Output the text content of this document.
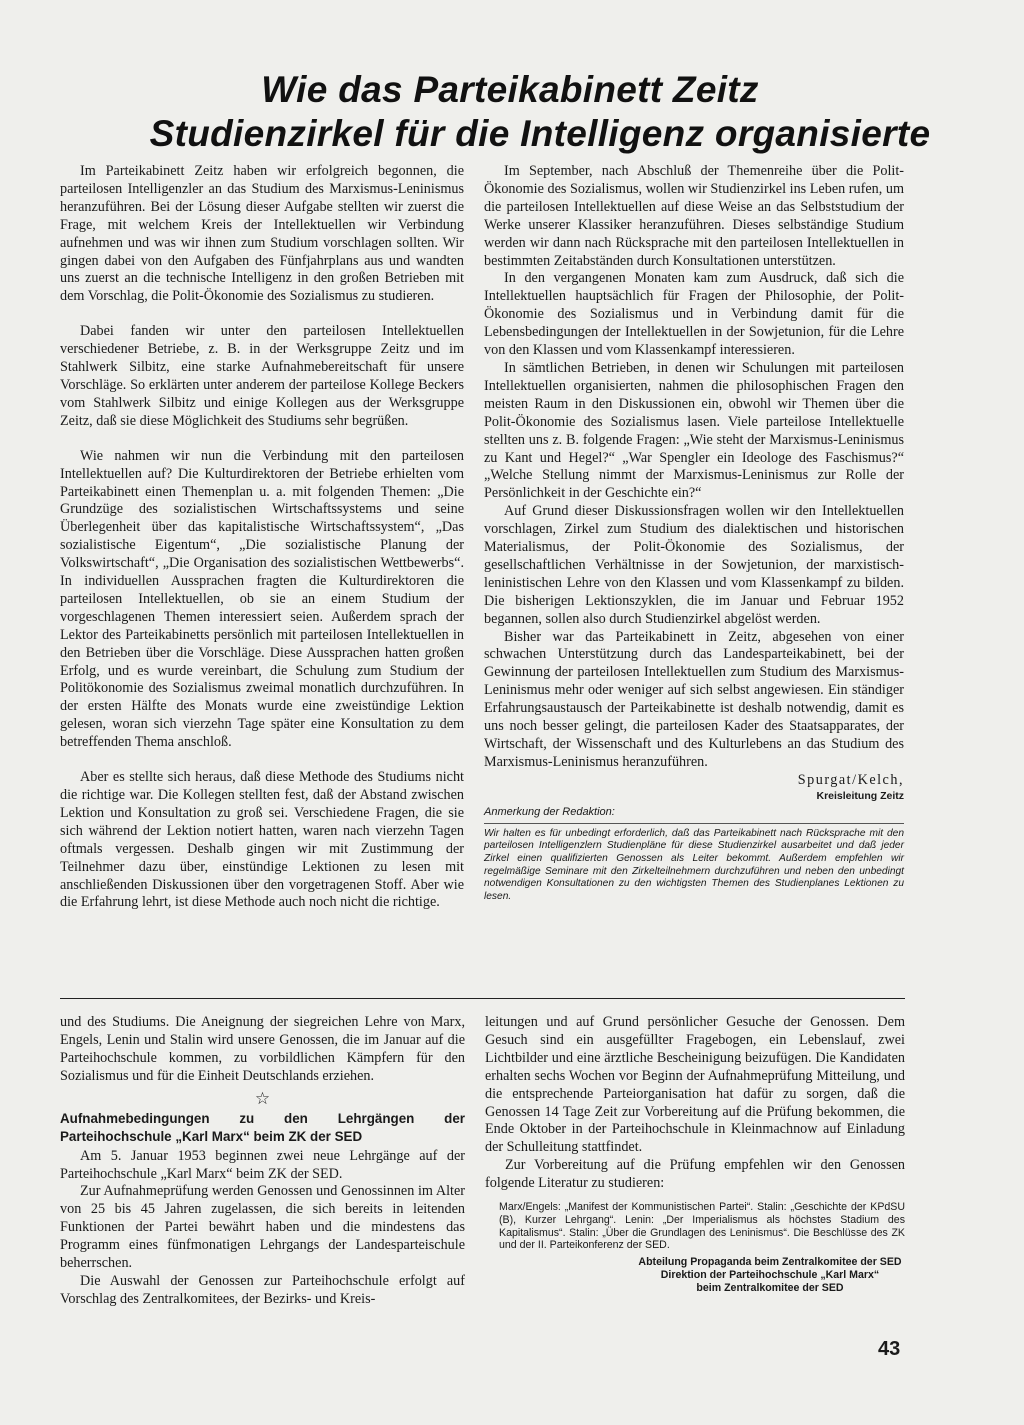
Wie das Parteikabinett Zeitz
Studienzirkel für die Intelligenz organisierte

Im Parteikabinett Zeitz haben wir erfolgreich begonnen, die parteilosen Intelligenzler an das Studium des Marxismus-Leninismus heranzuführen. Bei der Lösung dieser Aufgabe stellten wir zuerst die Frage, mit welchem Kreis der Intellektuellen wir Verbindung aufnehmen und was wir ihnen zum Studium vorschlagen sollten. Wir gingen dabei von den Aufgaben des Fünfjahrplans aus und wandten uns zuerst an die technische Intelligenz in den großen Betrieben mit dem Vorschlag, die Polit-Ökonomie des Sozialismus zu studieren.

Dabei fanden wir unter den parteilosen Intellektuellen verschiedener Betriebe, z. B. in der Werksgruppe Zeitz und im Stahlwerk Silbitz, eine starke Aufnahmebereitschaft für unsere Vorschläge. So erklärten unter anderem der parteilose Kollege Beckers vom Stahlwerk Silbitz und einige Kollegen aus der Werksgruppe Zeitz, daß sie diese Möglichkeit des Studiums sehr begrüßen.

Wie nahmen wir nun die Verbindung mit den parteilosen Intellektuellen auf? Die Kulturdirektoren der Betriebe erhielten vom Parteikabinett einen Themenplan u. a. mit folgenden Themen: „Die Grundzüge des sozialistischen Wirtschaftssystems und seine Überlegenheit über das kapitalistische Wirtschaftssystem“, „Das sozialistische Eigentum“, „Die sozialistische Planung der Volkswirtschaft“, „Die Organisation des sozialistischen Wettbewerbs“. In individuellen Aussprachen fragten die Kulturdirektoren die parteilosen Intellektuellen, ob sie an einem Studium der vorgeschlagenen Themen interessiert seien. Außerdem sprach der Lektor des Parteikabinetts persönlich mit parteilosen Intellektuellen in den Betrieben über die Vorschläge. Diese Aussprachen hatten großen Erfolg, und es wurde vereinbart, die Schulung zum Studium der Politökonomie des Sozialismus zweimal monatlich durchzuführen. In der ersten Hälfte des Monats wurde eine zweistündige Lektion gelesen, woran sich vierzehn Tage später eine Konsultation zu dem betreffenden Thema anschloß.

Aber es stellte sich heraus, daß diese Methode des Studiums nicht die richtige war. Die Kollegen stellten fest, daß der Abstand zwischen Lektion und Konsultation zu groß sei. Verschiedene Fragen, die sie sich während der Lektion notiert hatten, waren nach vierzehn Tagen oftmals vergessen. Deshalb gingen wir mit Zustimmung der Teilnehmer dazu über, einstündige Lektionen zu lesen mit anschließenden Diskussionen über den vorgetragenen Stoff. Aber wie die Erfahrung lehrt, ist diese Methode auch noch nicht die richtige.

Im September, nach Abschluß der Themenreihe über die Polit-Ökonomie des Sozialismus, wollen wir Studienzirkel ins Leben rufen, um die parteilosen Intellektuellen auf diese Weise an das Selbststudium der Werke unserer Klassiker heranzuführen. Dieses selbständige Studium werden wir dann nach Rücksprache mit den parteilosen Intellektuellen in bestimmten Zeitabständen durch Konsultationen unterstützen.

In den vergangenen Monaten kam zum Ausdruck, daß sich die Intellektuellen hauptsächlich für Fragen der Philosophie, der Polit-Ökonomie des Sozialismus und in Verbindung damit für die Lebensbedingungen der Intellektuellen in der Sowjetunion, für die Lehre von den Klassen und vom Klassenkampf interessieren.

In sämtlichen Betrieben, in denen wir Schulungen mit parteilosen Intellektuellen organisierten, nahmen die philosophischen Fragen den meisten Raum in den Diskussionen ein, obwohl wir Themen über die Polit-Ökonomie des Sozialismus lasen. Viele parteilose Intellektuelle stellten uns z. B. folgende Fragen: „Wie steht der Marxismus-Leninismus zu Kant und Hegel?“ „War Spengler ein Ideologe des Faschismus?“ „Welche Stellung nimmt der Marxismus-Leninismus zur Rolle der Persönlichkeit in der Geschichte ein?“

Auf Grund dieser Diskussionsfragen wollen wir den Intellektuellen vorschlagen, Zirkel zum Studium des dialektischen und historischen Materialismus, der Polit-Ökonomie des Sozialismus, der gesellschaftlichen Verhältnisse in der Sowjetunion, der marxistisch-leninistischen Lehre von den Klassen und vom Klassenkampf zu bilden. Die bisherigen Lektionszyklen, die im Januar und Februar 1952 begannen, sollen also durch Studienzirkel abgelöst werden.

Bisher war das Parteikabinett in Zeitz, abgesehen von einer schwachen Unterstützung durch das Landesparteikabinett, bei der Gewinnung der parteilosen Intellektuellen zum Studium des Marxismus-Leninismus mehr oder weniger auf sich selbst angewiesen. Ein ständiger Erfahrungsaustausch der Parteikabinette ist deshalb notwendig, damit es uns noch besser gelingt, die parteilosen Kader des Staatsapparates, der Wirtschaft, der Wissenschaft und des Kulturlebens an das Studium des Marxismus-Leninismus heranzuführen.

Spurgat/Kelch,
Kreisleitung Zeitz
Anmerkung der Redaktion:
Wir halten es für unbedingt erforderlich, daß das Parteikabinett nach Rücksprache mit den parteilosen Intelligenzlern Studienpläne für diese Studienzirkel ausarbeitet und daß jeder Zirkel einen qualifizierten Genossen als Leiter bekommt. Außerdem empfehlen wir regelmäßige Seminare mit den Zirkelteilnehmern durchzuführen und neben den unbedingt notwendigen Konsultationen zu den wichtigsten Themen des Studienplanes Lektionen zu lesen.

und des Studiums. Die Aneignung der siegreichen Lehre von Marx, Engels, Lenin und Stalin wird unsere Genossen, die im Januar auf die Parteihochschule kommen, zu vorbildlichen Kämpfern für den Sozialismus und für die Einheit Deutschlands erziehen.

☆
Aufnahmebedingungen zu den Lehrgängen der Parteihochschule „Karl Marx“ beim ZK der SED

Am 5. Januar 1953 beginnen zwei neue Lehrgänge auf der Parteihochschule „Karl Marx“ beim ZK der SED.

Zur Aufnahmeprüfung werden Genossen und Genossinnen im Alter von 25 bis 45 Jahren zugelassen, die sich bereits in leitenden Funktionen der Partei bewährt haben und die mindestens das Programm eines fünfmonatigen Lehrgangs der Landesparteischule beherrschen.

Die Auswahl der Genossen zur Parteihochschule erfolgt auf Vorschlag des Zentralkomitees, der Bezirks- und Kreis-

leitungen und auf Grund persönlicher Gesuche der Genossen. Dem Gesuch sind ein ausgefüllter Fragebogen, ein Lebenslauf, zwei Lichtbilder und eine ärztliche Bescheinigung beizufügen. Die Kandidaten erhalten sechs Wochen vor Beginn der Aufnahmeprüfung Mitteilung, und die entsprechende Parteiorganisation hat dafür zu sorgen, daß die Genossen 14 Tage Zeit zur Vorbereitung auf die Prüfung bekommen, die Ende Oktober in der Parteihochschule in Kleinmachnow auf Einladung der Schulleitung stattfindet.

Zur Vorbereitung auf die Prüfung empfehlen wir den Genossen folgende Literatur zu studieren:

Marx/Engels: „Manifest der Kommunistischen Partei“. Stalin: „Geschichte der KPdSU (B), Kurzer Lehrgang“. Lenin: „Der Imperialismus als höchstes Stadium des Kapitalismus“. Stalin: „Über die Grundlagen des Leninismus“. Die Beschlüsse des ZK und der II. Parteikonferenz der SED.
Abteilung Propaganda beim Zentralkomitee der SED
Direktion der Parteihochschule „Karl Marx“
beim Zentralkomitee der SED
43
